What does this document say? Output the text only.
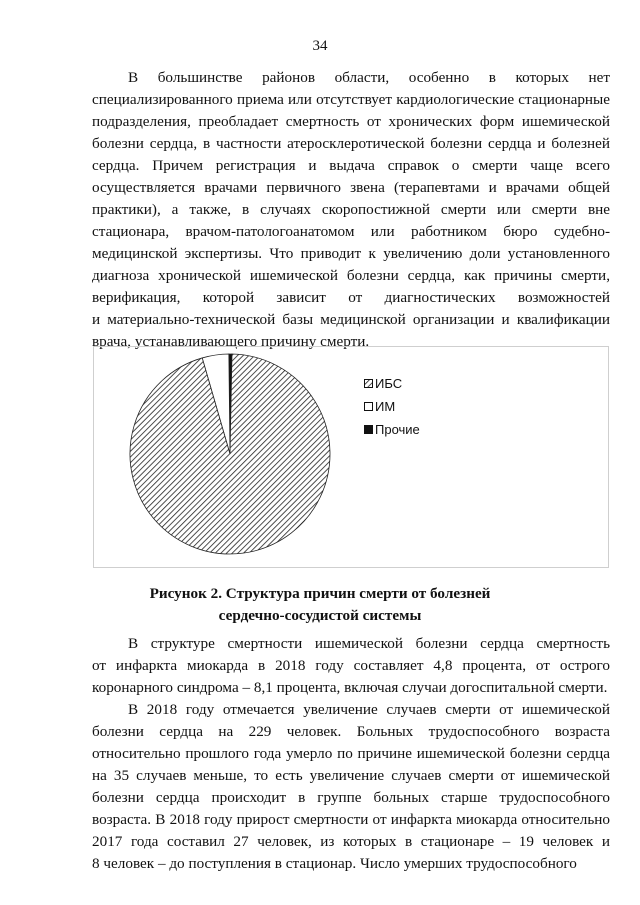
34

В большинстве районов области, особенно в которых нет
специализированного приема или отсутствует кардиологические стационарные
подразделения, преобладает смертность от хронических форм ишемической
болезни сердца, в частности атеросклеротической болезни сердца и болезней
сердца. Причем регистрация и выдача справок о смерти чаще всего
осуществляется врачами первичного звена (терапевтами и врачами общей
практики), а также, в случаях скоропостижной смерти или смерти вне
стационара, врачом-патологоанатомом или работником бюро судебно-
медицинской экспертизы. Что приводит к увеличению доли установленного
диагноза хронической ишемической болезни сердца, как причины смерти,
верификация, которой зависит от диагностических возможностей
и материально-технической базы медицинской организации и квалификации
врача, устанавливающего причину смерти.

ИБС
ИМ
Прочие
Рисунок 2. Структура причин смерти от болезней
сердечно-сосудистой системы

В структуре смертности ишемической болезни сердца смертность
от инфаркта миокарда в 2018 году составляет 4,8 процента, от острого
коронарного синдрома – 8,1 процента, включая случаи догоспитальной смерти.

В 2018 году отмечается увеличение случаев смерти от ишемической
болезни сердца на 229 человек. Больных трудоспособного возраста
относительно прошлого года умерло по причине ишемической болезни сердца
на 35 случаев меньше, то есть увеличение случаев смерти от ишемической
болезни сердца происходит в группе больных старше трудоспособного
возраста. В 2018 году прирост смертности от инфаркта миокарда относительно
2017 года составил 27 человек, из которых в стационаре – 19 человек и
8 человек – до поступления в стационар. Число умерших трудоспособного
